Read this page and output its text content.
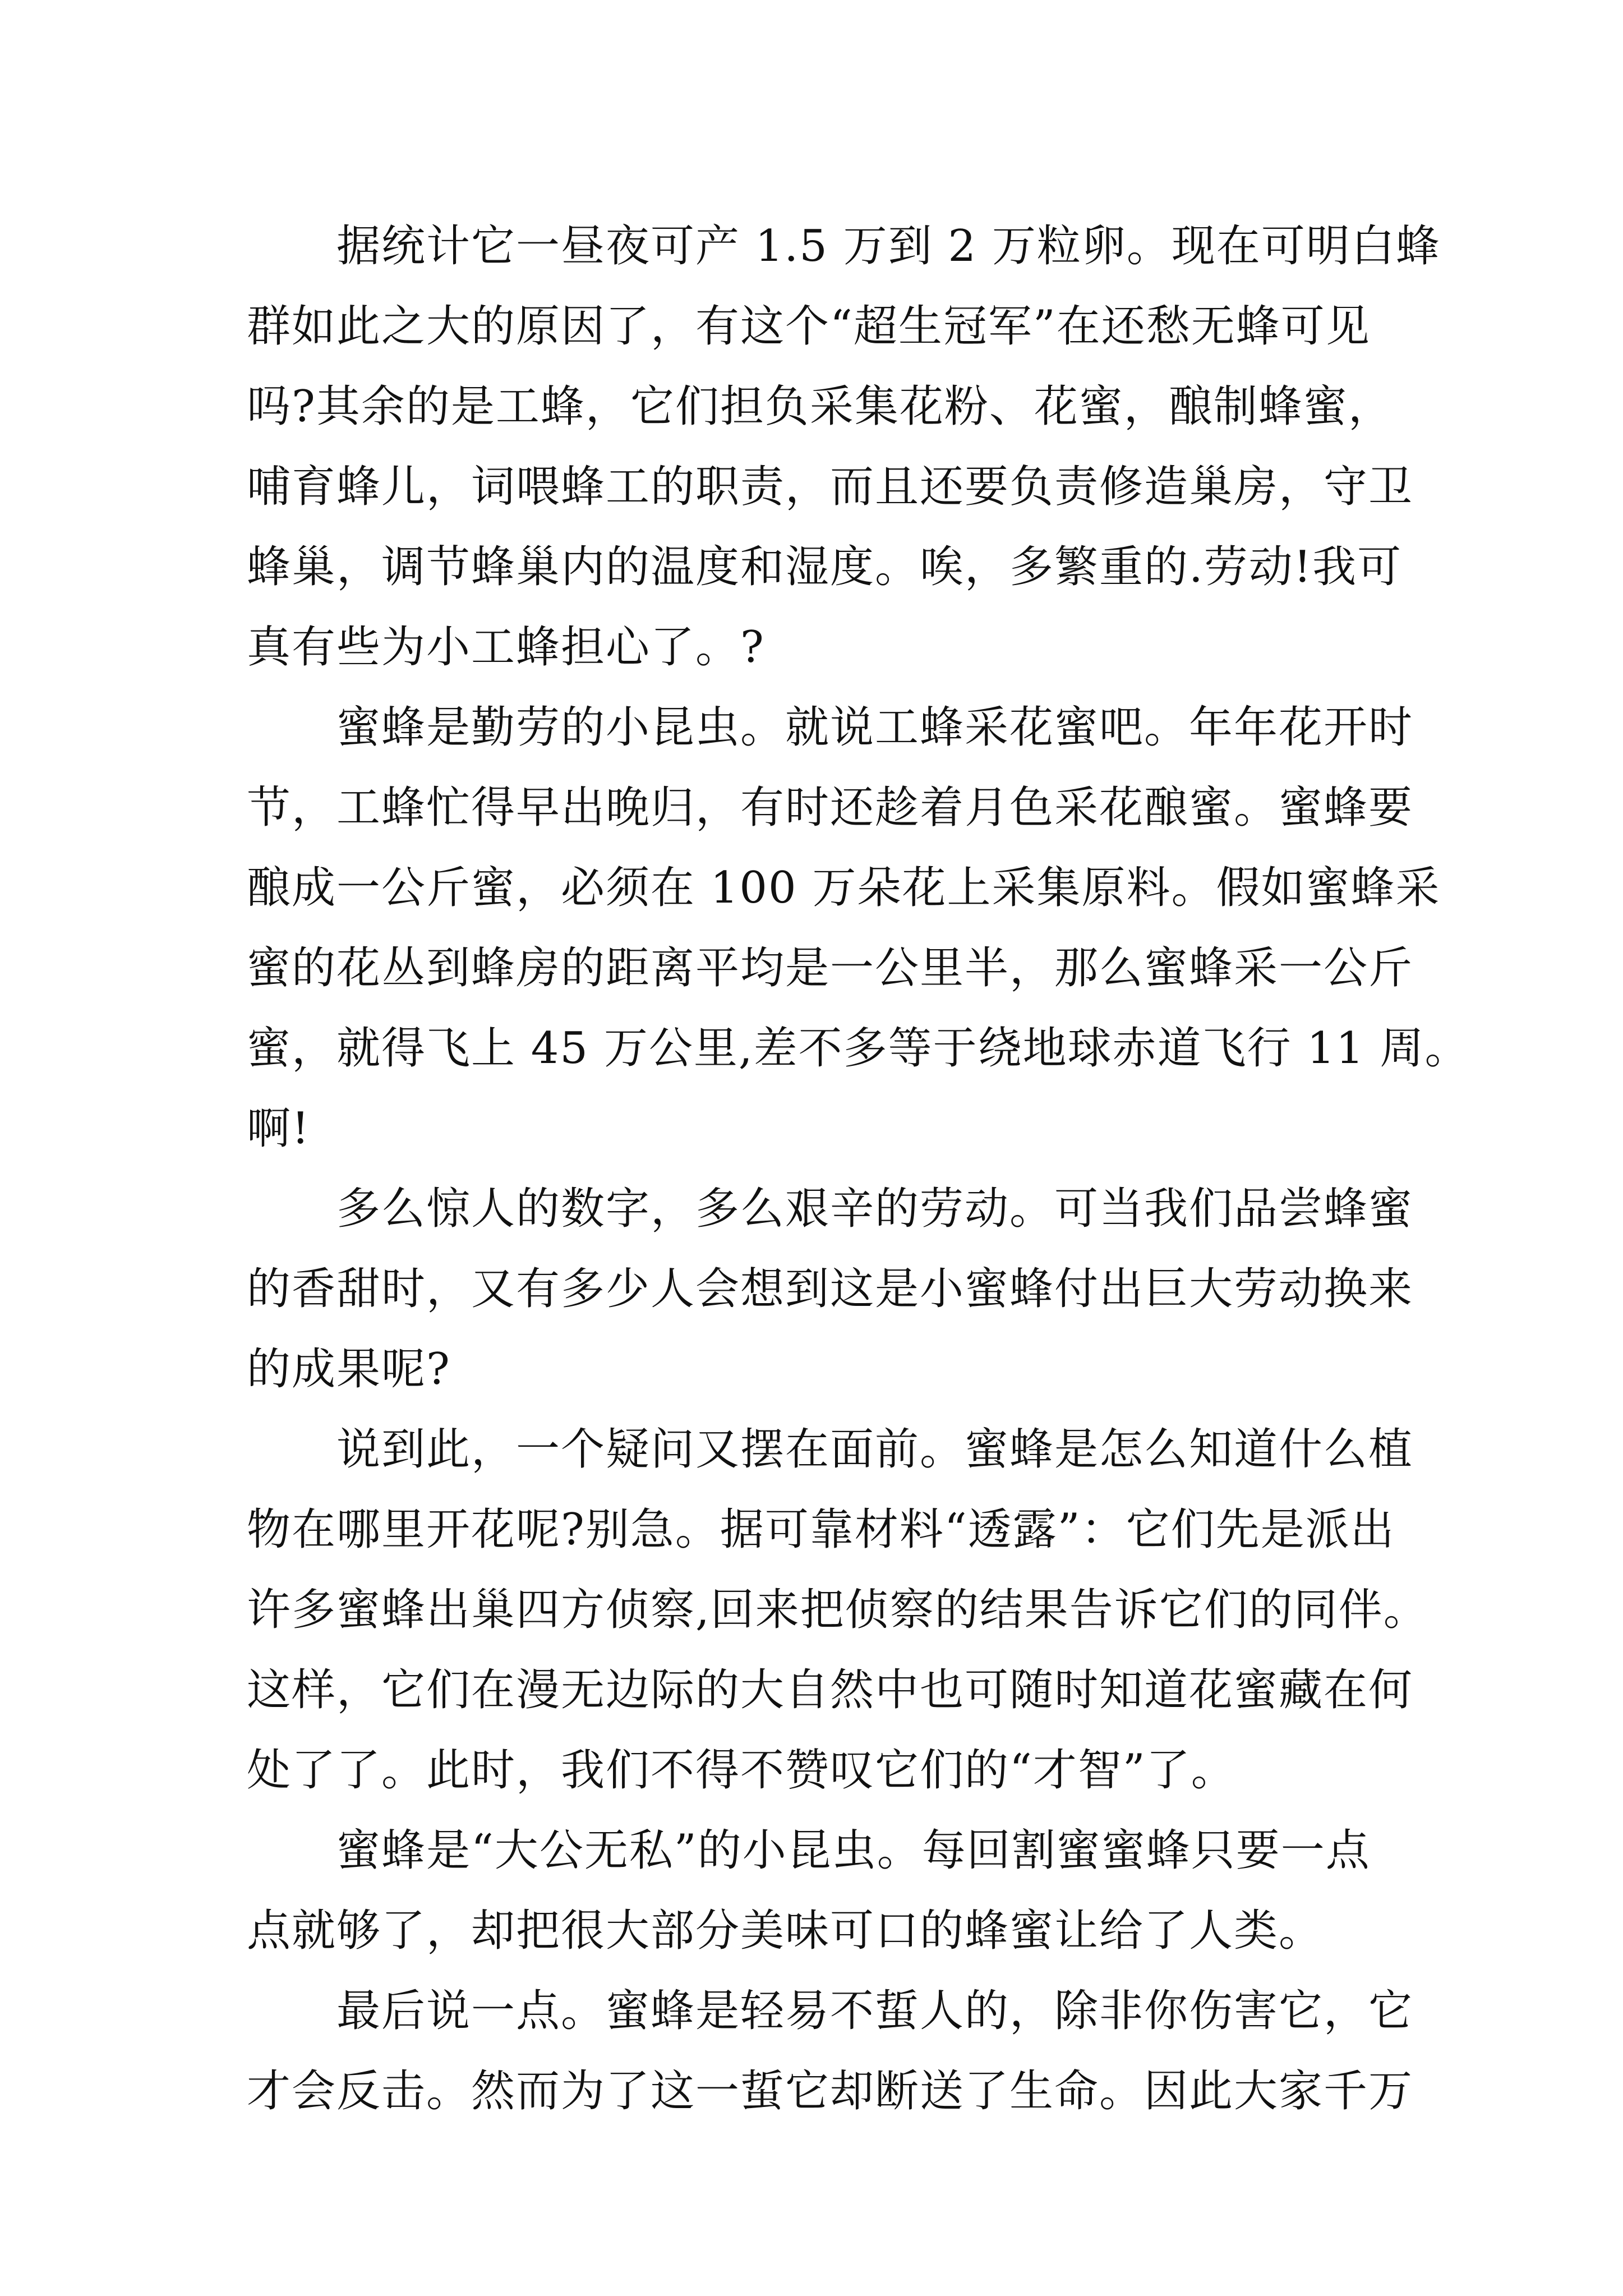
据统计它一昼夜可产 1.5 万到 2 万粒卵。现在可明白蜂
群如此之大的原因了，有这个“超生冠军”在还愁无蜂可见
吗?其余的是工蜂，它们担负采集花粉、花蜜，酿制蜂蜜，
哺育蜂儿，词喂蜂工的职责，而且还要负责修造巢房，守卫
蜂巢，调节蜂巢内的温度和湿度。唉，多繁重的.劳动!我可
真有些为小工蜂担心了。?
蜜蜂是勤劳的小昆虫。就说工蜂采花蜜吧。年年花开时
节，工蜂忙得早出晚归，有时还趁着月色采花酿蜜。蜜蜂要
酿成一公斤蜜，必须在 100 万朵花上采集原料。假如蜜蜂采
蜜的花丛到蜂房的距离平均是一公里半，那么蜜蜂采一公斤
蜜，就得飞上 45 万公里,差不多等于绕地球赤道飞行 11 周。
啊!
多么惊人的数字，多么艰辛的劳动。可当我们品尝蜂蜜
的香甜时，又有多少人会想到这是小蜜蜂付出巨大劳动换来
的成果呢?
说到此，一个疑问又摆在面前。蜜蜂是怎么知道什么植
物在哪里开花呢?别急。据可靠材料“透露”：它们先是派出
许多蜜蜂出巢四方侦察,回来把侦察的结果告诉它们的同伴。
这样，它们在漫无边际的大自然中也可随时知道花蜜藏在何
处了了。此时，我们不得不赞叹它们的“才智”了。
蜜蜂是“大公无私”的小昆虫。每回割蜜蜜蜂只要一点
点就够了，却把很大部分美味可口的蜂蜜让给了人类。
最后说一点。蜜蜂是轻易不蜇人的，除非你伤害它，它
才会反击。然而为了这一蜇它却断送了生命。因此大家千万
